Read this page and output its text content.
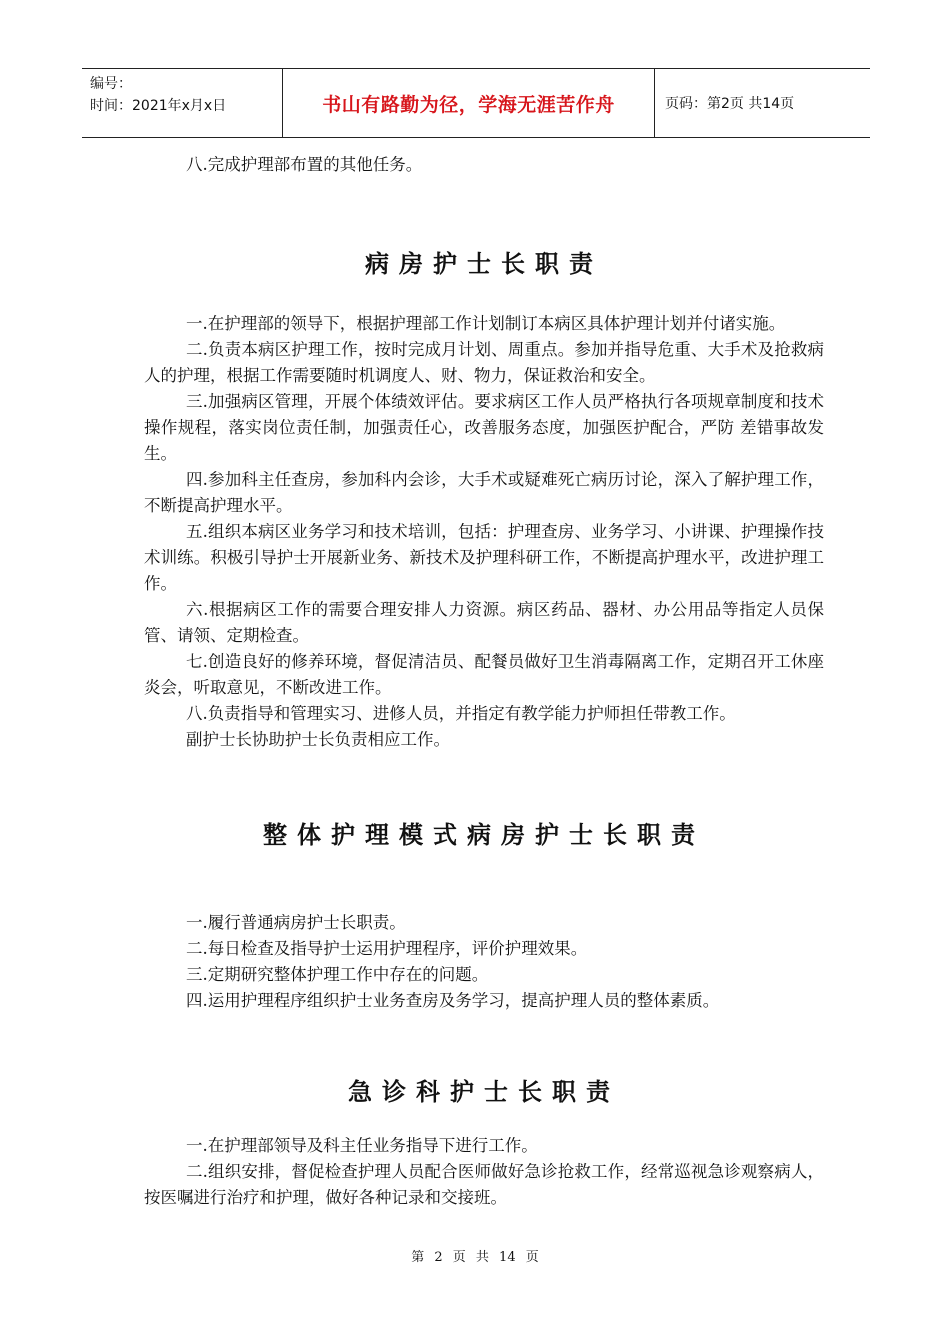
编号：
时间：2021年x月x日	书山有路勤为径，学海无涯苦作舟	页码：第2页 共14页

八.完成护理部布置的其他任务。

病房护士长职责

一.在护理部的领导下，根据护理部工作计划制订本病区具体护理计划并付诸实施。

二.负责本病区护理工作，按时完成月计划、周重点。参加并指导危重、大手术及抢救病人的护理，根据工作需要随时机调度人、财、物力，保证救治和安全。

三.加强病区管理，开展个体绩效评估。要求病区工作人员严格执行各项规章制度和技术操作规程，落实岗位责任制，加强责任心，改善服务态度，加强医护配合，严防 差错事故发生。

四.参加科主任查房，参加科内会诊，大手术或疑难死亡病历讨论，深入了解护理工作，不断提高护理水平。

五.组织本病区业务学习和技术培训，包括：护理查房、业务学习、小讲课、护理操作技术训练。积极引导护士开展新业务、新技术及护理科研工作，不断提高护理水平，改进护理工作。

六.根据病区工作的需要合理安排人力资源。病区药品、器材、办公用品等指定人员保管、请领、定期检查。

七.创造良好的修养环境，督促清洁员、配餐员做好卫生消毒隔离工作，定期召开工休座炎会，听取意见，不断改进工作。

八.负责指导和管理实习、进修人员，并指定有教学能力护师担任带教工作。

副护士长协助护士长负责相应工作。

整体护理模式病房护士长职责

一.履行普通病房护士长职责。

二.每日检查及指导护士运用护理程序，评价护理效果。

三.定期研究整体护理工作中存在的问题。

四.运用护理程序组织护士业务查房及务学习，提高护理人员的整体素质。

急诊科护士长职责

一.在护理部领导及科主任业务指导下进行工作。

二.组织安排，督促检查护理人员配合医师做好急诊抢救工作，经常巡视急诊观察病人，按医嘱进行治疗和护理，做好各种记录和交接班。

第 2 页 共 14 页
